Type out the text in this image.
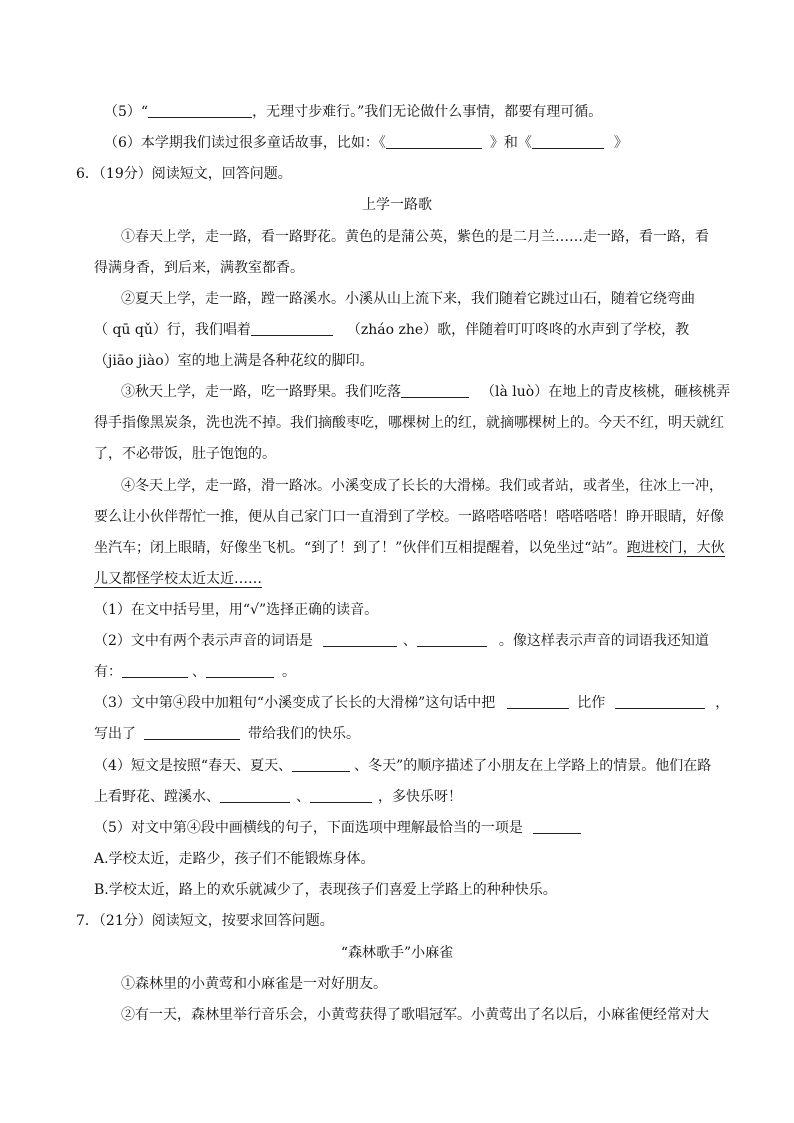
（5）“	，无理寸步难行。”我们无论做什么事情，都要有理可循。
（6）本学期我们读过很多童话故事，比如：《	》和《	》
6．（19分）阅读短文，回答问题。
上学一路歌
①春天上学，走一路，看一路野花。黄色的是蒲公英，紫色的是二月兰……走一路，看一路，看
得满身香，到后来，满教室都香。
②夏天上学，走一路，蹚一路溪水。小溪从山上流下来，我们随着它跳过山石，随着它绕弯曲
（ qū qǔ）行，我们唱着	（zháo zhe）歌，伴随着叮叮咚咚的水声到了学校，教
（jiāo jiào）室的地上满是各种花纹的脚印。
③秋天上学，走一路，吃一路野果。我们吃落	（là luò）在地上的青皮核桃，砸核桃弄
得手指像黑炭条，洗也洗不掉。我们摘酸枣吃，哪棵树上的红，就摘哪棵树上的。今天不红，明天就红
了，不必带饭，肚子饱饱的。
④冬天上学，走一路，滑一路冰。小溪变成了长长的大滑梯。我们或者站，或者坐，往冰上一冲，
要么让小伙伴帮忙一推，便从自己家门口一直滑到了学校。一路嗒嗒嗒嗒！嗒嗒嗒嗒！睁开眼睛，好像
坐汽车；闭上眼睛，好像坐飞机。“到了！到了！”伙伴们互相提醒着，以免坐过“站”。跑进校门，大伙
儿又都怪学校太近太近……
（1）在文中括号里，用“√”选择正确的读音。
（2）文中有两个表示声音的词语是	、	。像这样表示声音的词语我还知道
有：	、	。
（3）文中第④段中加粗句“小溪变成了长长的大滑梯”这句话中把	比作	，
写出了	带给我们的快乐。
（4）短文是按照“春天、夏天、	、冬天”的顺序描述了小朋友在上学路上的情景。他们在路
上看野花、蹚溪水、	、	，多快乐呀！
（5）对文中第④段中画横线的句子，下面选项中理解最恰当的一项是
A.学校太近，走路少，孩子们不能锻炼身体。
B.学校太近，路上的欢乐就减少了，表现孩子们喜爱上学路上的种种快乐。
7．（21分）阅读短文，按要求回答问题。
“森林歌手”小麻雀
①森林里的小黄莺和小麻雀是一对好朋友。
②有一天，森林里举行音乐会，小黄莺获得了歌唱冠军。小黄莺出了名以后，小麻雀便经常对大
